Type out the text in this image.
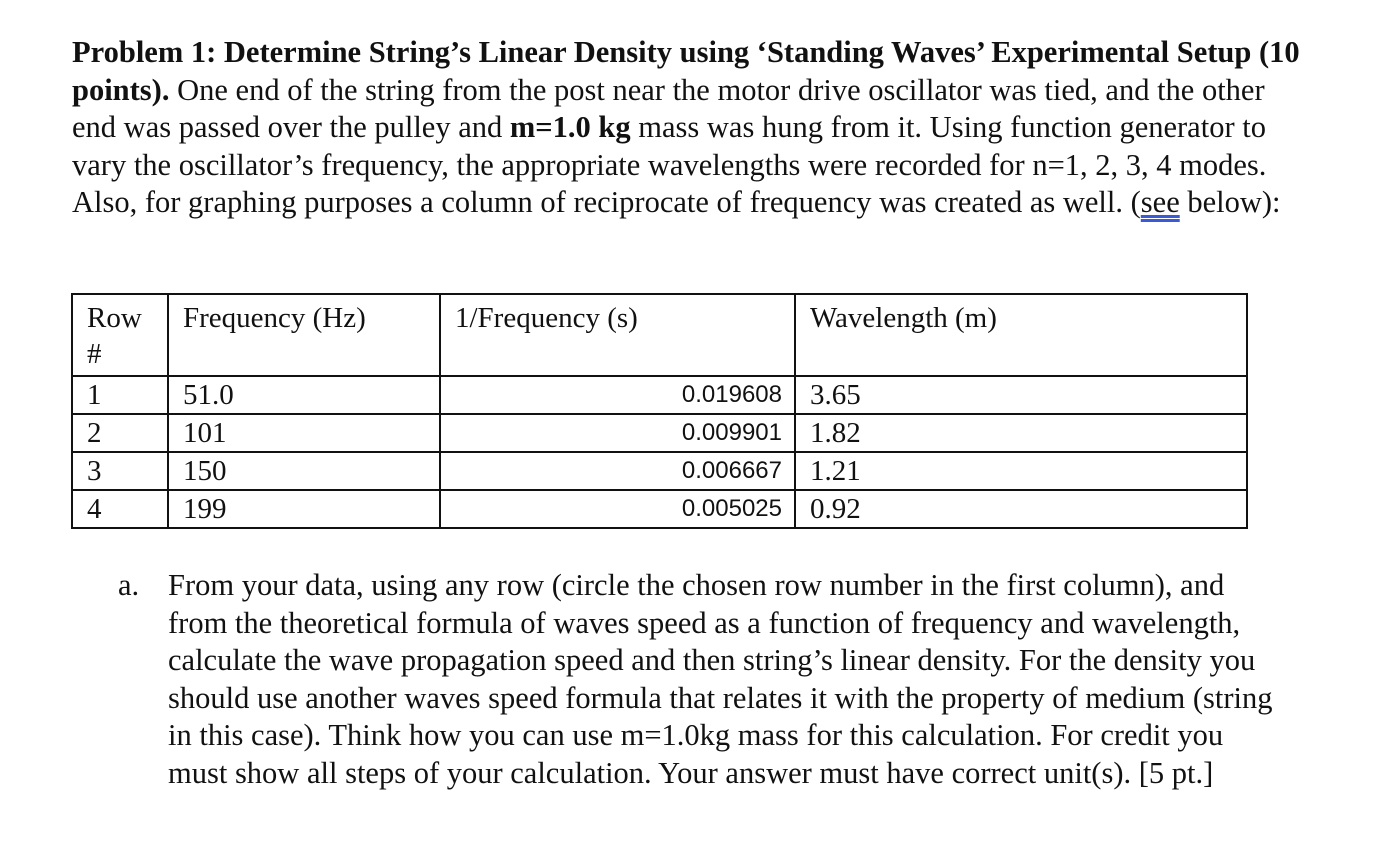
Problem 1: Determine String’s Linear Density using ‘Standing Waves’ Experimental Setup (10 points). One end of the string from the post near the motor drive oscillator was tied, and the other end was passed over the pulley and m=1.0 kg mass was hung from it. Using function generator to vary the oscillator’s frequency, the appropriate wavelengths were recorded for n=1, 2, 3, 4 modes. Also, for graphing purposes a column of reciprocate of frequency was created as well. (see below):

Row #	Frequency (Hz)	1/Frequency (s)	Wavelength (m)
1	51.0	0.019608	3.65
2	101	0.009901	1.82
3	150	0.006667	1.21
4	199	0.005025	0.92
a. From your data, using any row (circle the chosen row number in the first column), and from the theoretical formula of waves speed as a function of frequency and wavelength, calculate the wave propagation speed and then string’s linear density. For the density you should use another waves speed formula that relates it with the property of medium (string in this case). Think how you can use m=1.0kg mass for this calculation. For credit you must show all steps of your calculation. Your answer must have correct unit(s). [5 pt.]
